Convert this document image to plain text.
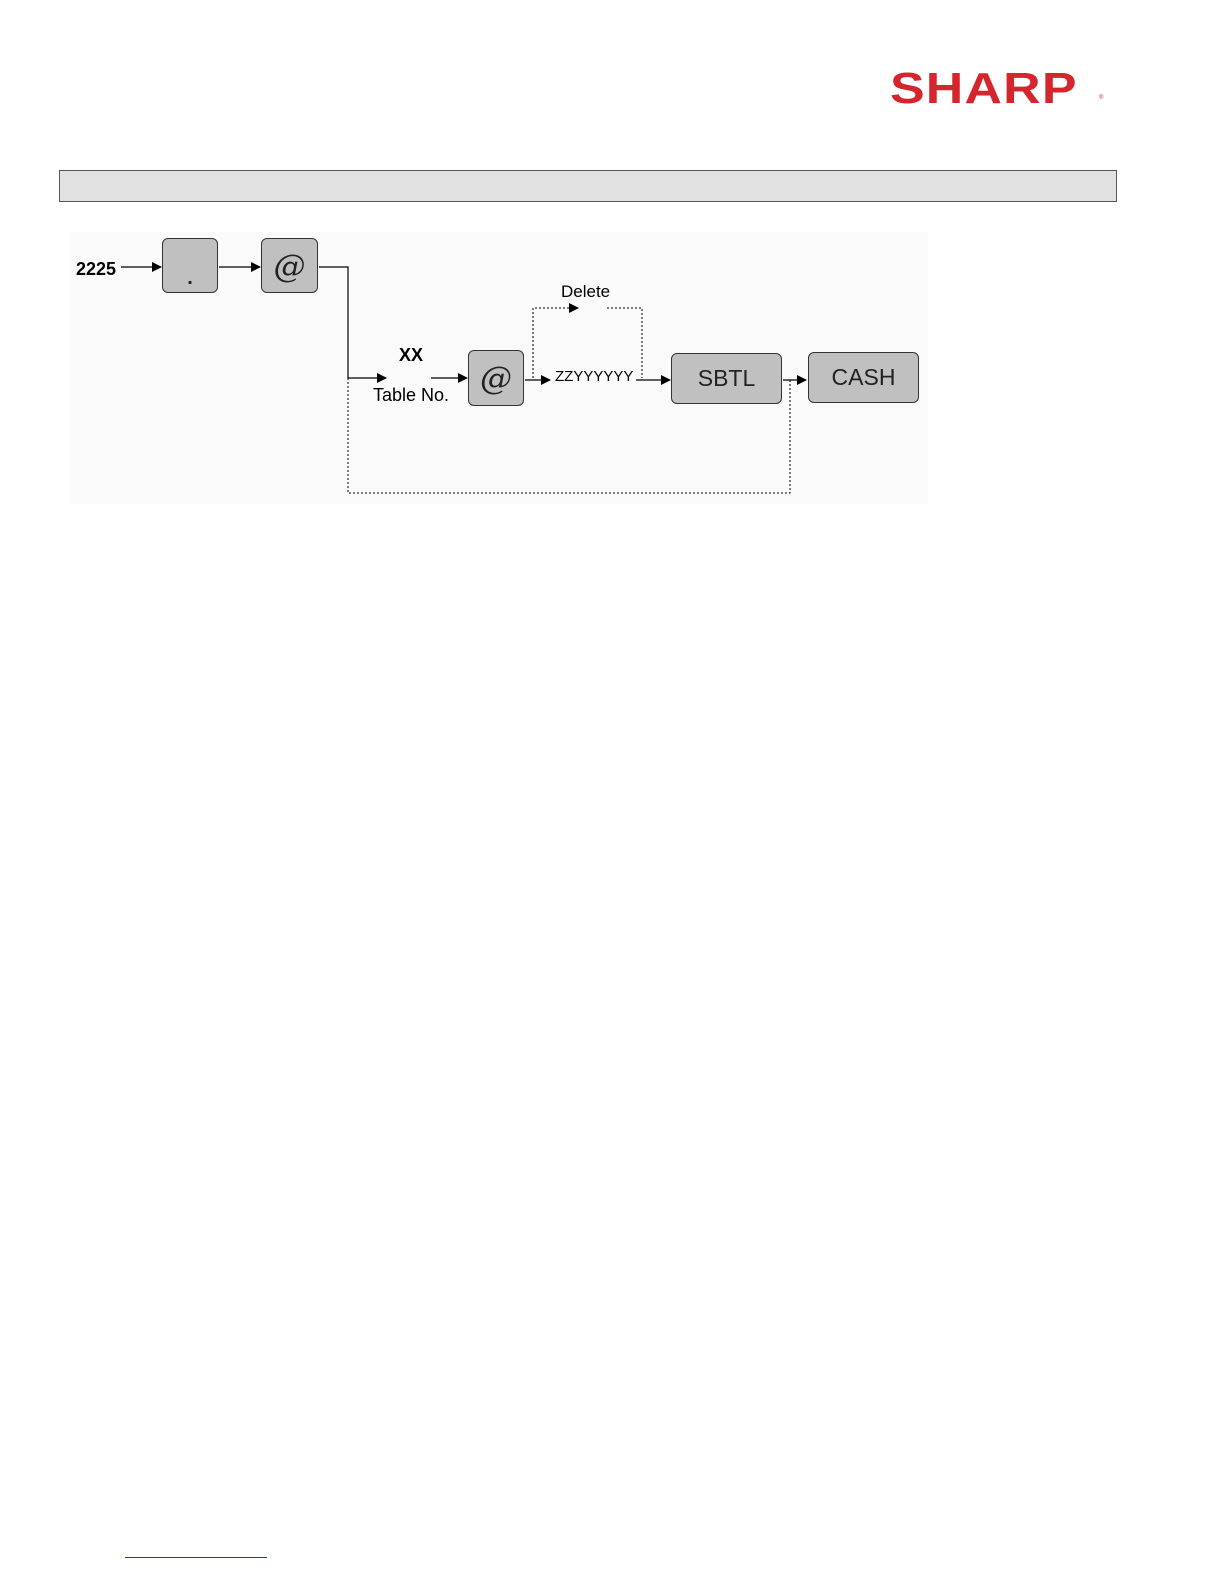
SHARP	®
2225	.	@
XX
Table No. @
Delete
ZZYYYYYY	SBTL	CASH
